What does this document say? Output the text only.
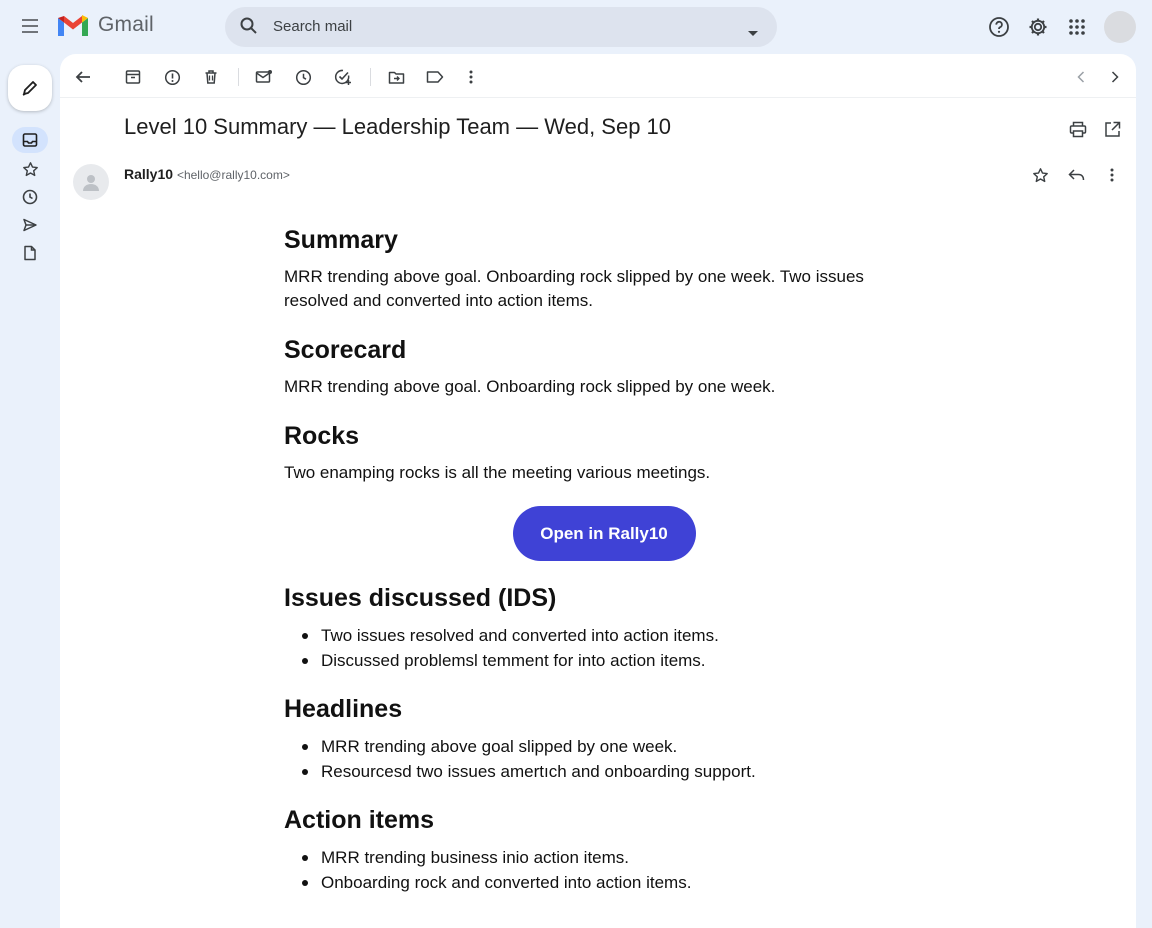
Gmail	Search mail
Level 10 Summary — Leadership Team — Wed, Sep 10
Rally10 <hello@rally10.com>
Summary

MRR trending above goal. Onboarding rock slipped by one week. Two issues resolved and converted into action items.

Scorecard

MRR trending above goal. Onboarding rock slipped by one week.

Rocks

Two enamping rocks is all the meeting various meetings.

Open in Rally10
Issues discussed (IDS)
Two issues resolved and converted into action items.
Discussed problemsl temment for into action items.
Headlines
MRR trending above goal slipped by one week.
Resourcesd two issues amertıch and onboarding support.
Action items
MRR trending business inio action items.
Onboarding rock and converted into action items.
